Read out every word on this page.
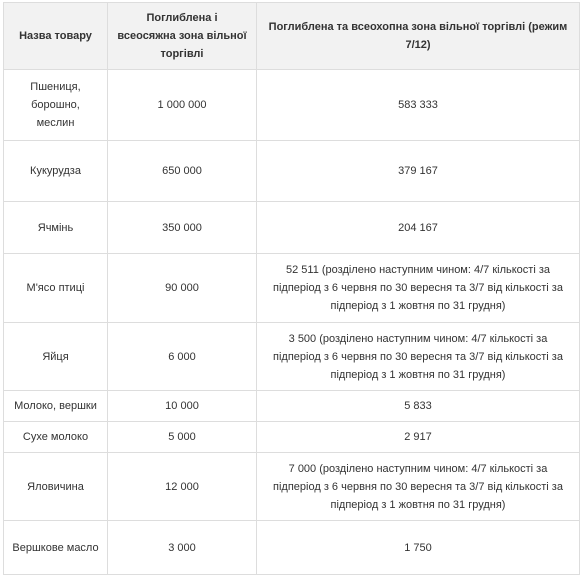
Назва товару	Поглиблена і всеосяжна зона вільної торгівлі	Поглиблена та всеохопна зона вільної торгівлі (режим 7/12)
Пшениця, борошно, меслин	1 000 000	583 333
Кукурудза	650 000	379 167
Ячмінь	350 000	204 167
М'ясо птиці	90 000	52 511 (розділено наступним чином: 4/7 кількості за підперіод з 6 червня по 30 вересня та 3/7 від кількості за підперіод з 1 жовтня по 31 грудня)
Яйця	6 000	3 500 (розділено наступним чином: 4/7 кількості за підперіод з 6 червня по 30 вересня та 3/7 від кількості за підперіод з 1 жовтня по 31 грудня)
Молоко, вершки	10 000	5 833
Сухе молоко	5 000	2 917
Яловичина	12 000	7 000 (розділено наступним чином: 4/7 кількості за підперіод з 6 червня по 30 вересня та 3/7 від кількості за підперіод з 1 жовтня по 31 грудня)
Вершкове масло	3 000	1 750
